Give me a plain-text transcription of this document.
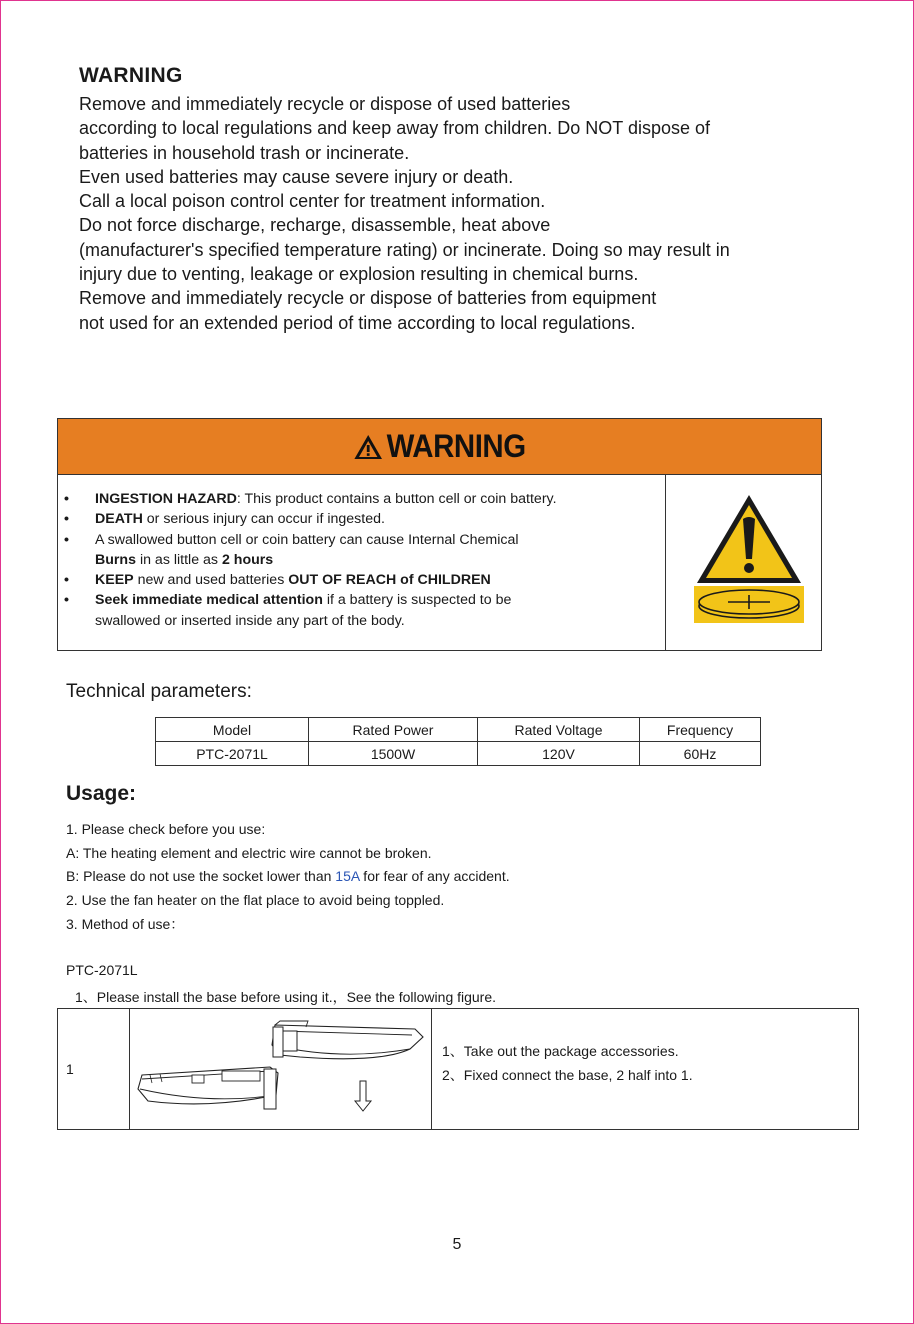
WARNING
Remove and immediately recycle or dispose of used batteries
according to local regulations and keep away from children. Do NOT dispose of
batteries in household trash or incinerate.
Even used batteries may cause severe injury or death.
Call a local poison control center for treatment information.
Do not force discharge, recharge, disassemble, heat above
(manufacturer's specified temperature rating) or incinerate. Doing so may result in
injury due to venting, leakage or explosion resulting in chemical burns.
Remove and immediately recycle or dispose of batteries from equipment
not used for an extended period of time according to local regulations.
WARNING
• INGESTION HAZARD: This product contains a button cell or coin battery.
• DEATH or serious injury can occur if ingested.
• A swallowed button cell or coin battery can cause Internal Chemical
Burns in as little as 2 hours
• KEEP new and used batteries OUT OF REACH of CHILDREN
• Seek immediate medical attention if a battery is suspected to be
swallowed or inserted inside any part of the body.
Technical parameters:
Model	Rated Power	Rated Voltage	Frequency
PTC-2071L	1500W	120V	60Hz
Usage:
1. Please check before you use:
A: The heating element and electric wire cannot be broken.
B: Please do not use the socket lower than 15A for fear of any accident.
2. Use the fan heater on the flat place to avoid being toppled.
3. Method of use：
PTC-2071L
1、Please install the base before using it.，See the following figure.
1
1、Take out the package accessories.
2、Fixed connect the base, 2 half into 1.
5
